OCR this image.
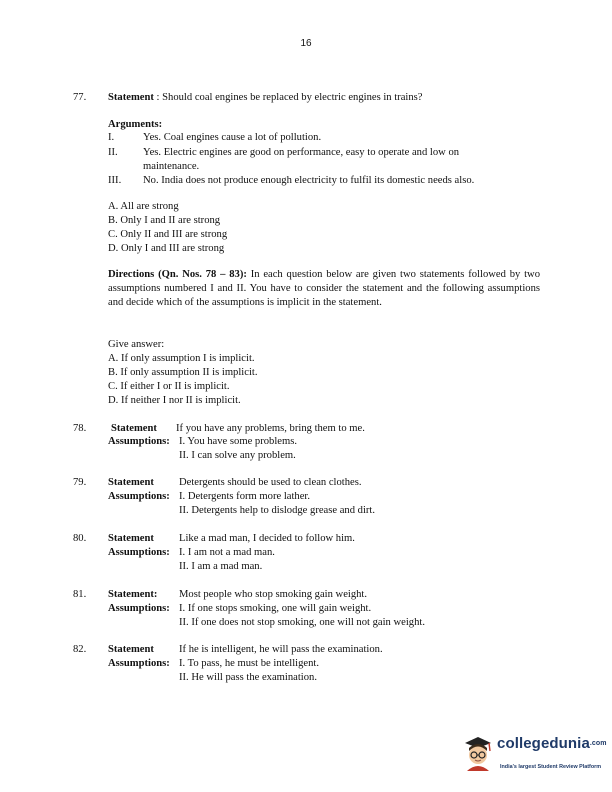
16
77. Statement : Should coal engines be replaced by electric engines in trains?
Arguments:
I.	Yes. Coal engines cause a lot of pollution.
II. Yes. Electric engines are good on performance, easy to operate and low on
maintenance.
III. No. India does not produce enough electricity to fulfil its domestic needs also.
A. All are strong
B. Only I and II are strong
C. Only II and III are strong
D. Only I and III are strong
Directions (Qn. Nos. 78 – 83): In each question below are given two statements followed by two assumptions numbered I and II. You have to consider the statement and the following assumptions and decide which of the assumptions is implicit in the statement.
Give answer:
A. If only assumption I is implicit.
B. If only assumption II is implicit.
C. If either I or II is implicit.
D. If neither I nor II is implicit.
78. Statement If you have any problems, bring them to me.
Assumptions: I. You have some problems.
II. I can solve any problem.
79. Statement Detergents should be used to clean clothes.
Assumptions: I. Detergents form more lather.
II. Detergents help to dislodge grease and dirt.
80. Statement Like a mad man, I decided to follow him.
Assumptions: I. I am not a mad man.
II. I am a mad man.
81. Statement: Most people who stop smoking gain weight.
Assumptions: I. If one stops smoking, one will gain weight.
II. If one does not stop smoking, one will not gain weight.
82. Statement If he is intelligent, he will pass the examination.
Assumptions: I. To pass, he must be intelligent.
II. He will pass the examination.
collegedunia$^{.com}$
India's largest Student Review Platform
